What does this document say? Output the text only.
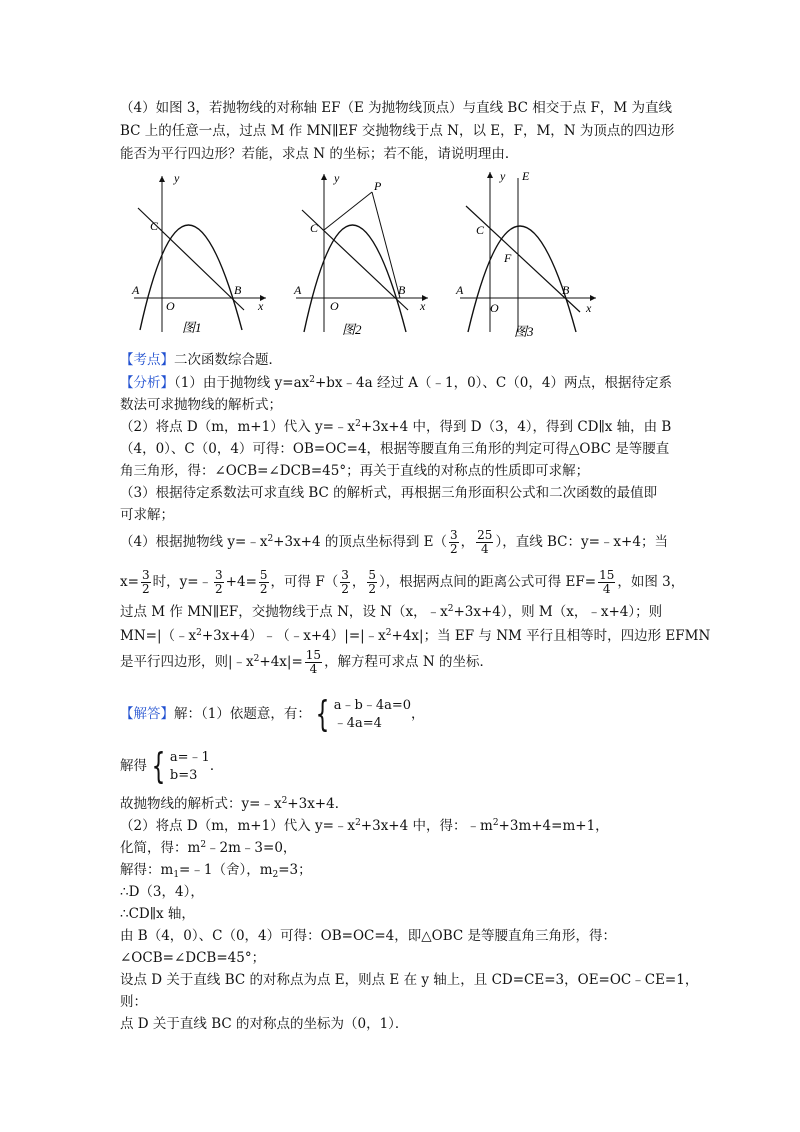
（4）如图 3，若抛物线的对称轴 EF（E 为抛物线顶点）与直线 BC 相交于点 F，M 为直线
BC 上的任意一点，过点 M 作 MN∥EF 交抛物线于点 N，以 E，F，M，N 为顶点的四边形
能否为平行四边形？若能，求点 N 的坐标；若不能，请说明理由．
y
C
A
O
B
x
图1
y
P
C
A
O
B
x
图2
y E
C
F
A
O
B
x
图3
【考点】二次函数综合题．
【分析】（1）由于抛物线 $y=ax^2+bx﹣4a$ 经过 A（﹣1，0）、C（0，4）两点，根据待定系
数法可求抛物线的解析式；
（2）将点 D（m，m+1）代入 $y=﹣x^2+3x+4$ 中，得到 D（3，4），得到 CD∥x 轴，由 B
（4，0）、C（0，4）可得：OB=OC=4，根据等腰直角三角形的判定可得△OBC 是等腰直
角三角形，得：∠OCB=∠DCB=45°；再关于直线的对称点的性质即可求解；
（3）根据待定系数法可求直线 BC 的解析式，再根据三角形面积公式和二次函数的最值即
可求解；
（4）根据抛物线 $y=﹣x^2+3x+4$ 的顶点坐标得到 $E( \frac{3}{2}$ ， $\frac{25}{4}$ ），直线 BC：y=﹣x+4；当
$x= \frac{3}{2}$ 时，y=﹣ $\frac{3}{2} +4= \frac{5}{2}$ ，可得 $F( \frac{3}{2}$ ， $\frac{5}{2}$ ），根据两点间的距离公式可得 $EF= \frac{15}{4}$ ，如图 3，
过点 M 作 MN∥EF，交抛物线于点 N，设 N（x，$﹣x^2+3x+4$），则 M（x，﹣x+4）；则
$MN=|(﹣x^2+3x+4)﹣(﹣x+4)|=|﹣x^2+4x|$；当 EF 与 NM 平行且相等时，四边形 EFMN
是平行四边形，则$|﹣x^2+4x|= \frac{15}{4}$ ，解方程可求点 N 的坐标．
【解答】解：（1）依题意，有： { a﹣b﹣4a=0
﹣4a=4
，
解得 { a=﹣1
b=3
．
故抛物线的解析式：$y=﹣x^2+3x+4$．
（2）将点 D（m，m+1）代入 $y=﹣x^2+3x+4$ 中，得：$﹣m^2+3m+4=m+1$，
化简，得：$m^2﹣2m﹣3=0$，
解得：$m_1=﹣1$（舍），$m_2=3$；
∴D（3，4），
∴CD∥x 轴，
由 B（4，0）、C（0，4）可得：OB=OC=4，即△OBC 是等腰直角三角形，得：
∠OCB=∠DCB=45°；
设点 D 关于直线 BC 的对称点为点 E，则点 E 在 y 轴上，且 CD=CE=3，OE=OC﹣CE=1，
则：
点 D 关于直线 BC 的对称点的坐标为（0，1）．
